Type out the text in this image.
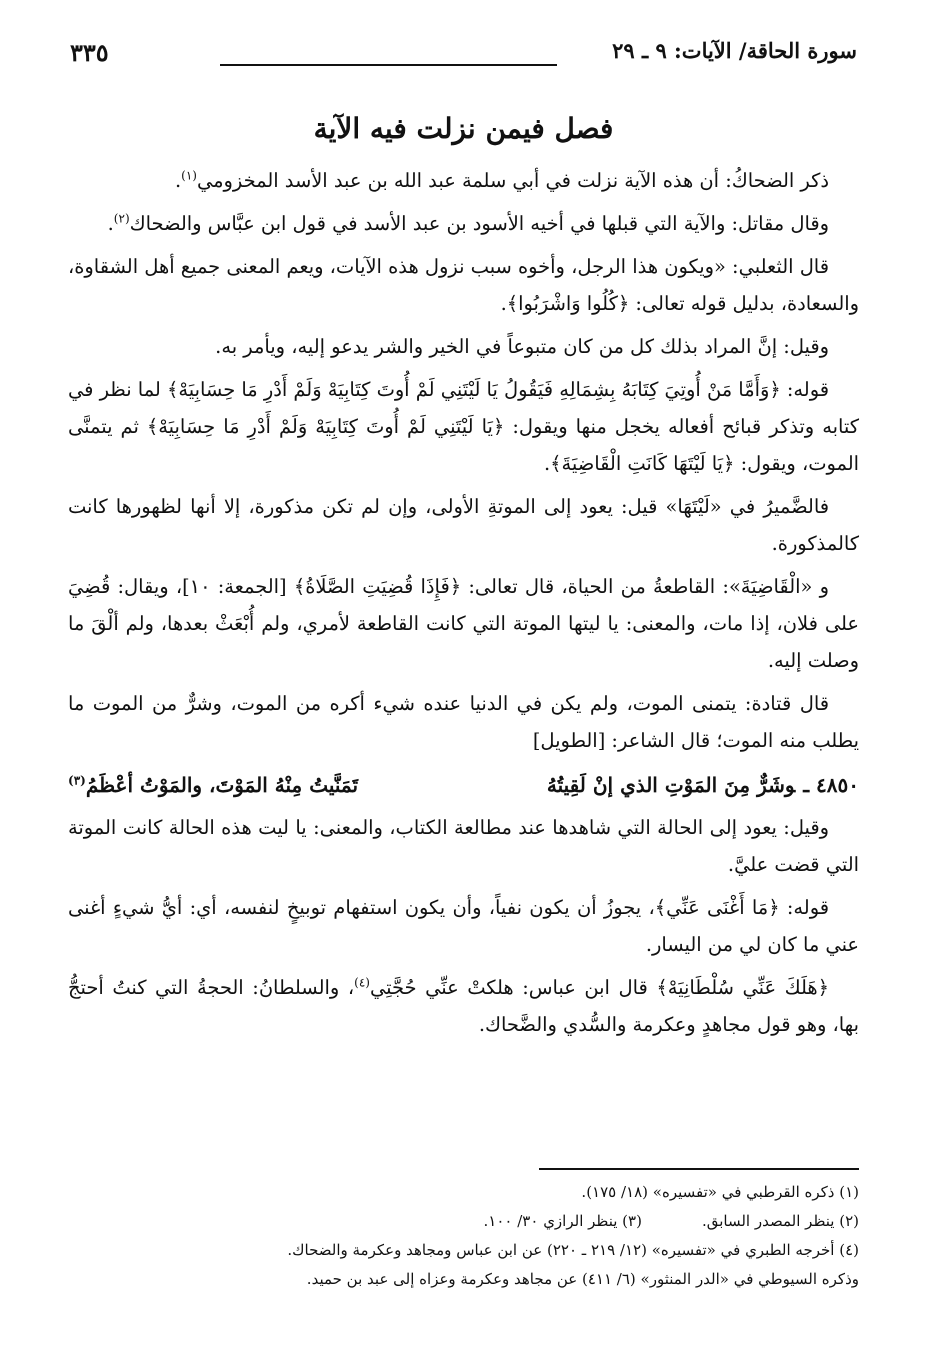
سورة الحاقة/ الآيات: ٩ ـ ٢٩
٣٣٥
فصل فيمن نزلت فيه الآية

ذكر الضحاكُ: أن هذه الآية نزلت في أبي سلمة عبد الله بن عبد الأسد المخزومي$^{(١)}$.

وقال مقاتل: والآية التي قبلها في أخيه الأسود بن عبد الأسد في قول ابن عبَّاس والضحاك$^{(٢)}$.

قال الثعلبي: «ويكون هذا الرجل، وأخوه سبب نزول هذه الآيات، ويعم المعنى جميع أهل الشقاوة، والسعادة، بدليل قوله تعالى: ﴿كُلُوا وَاشْرَبُوا﴾.

وقيل: إنَّ المراد بذلك كل من كان متبوعاً في الخير والشر يدعو إليه، ويأمر به.

قوله: ﴿وَأَمَّا مَنْ أُوتِيَ كِتَابَهُ بِشِمَالِهِ فَيَقُولُ يَا لَيْتَنِي لَمْ أُوتَ كِتَابِيَهْ وَلَمْ أَدْرِ مَا حِسَابِيَهْ﴾ لما نظر في كتابه وتذكر قبائح أفعاله يخجل منها ويقول: ﴿يَا لَيْتَنِي لَمْ أُوتَ كِتَابِيَهْ وَلَمْ أَدْرِ مَا حِسَابِيَهْ﴾ ثم يتمنَّى الموت، ويقول: ﴿يَا لَيْتَهَا كَانَتِ الْقَاضِيَةَ﴾.

فالضَّميرُ في «لَيْتَهَا» قيل: يعود إلى الموتةِ الأولى، وإن لم تكن مذكورة، إلا أنها لظهورها كانت كالمذكورة.

و «الْقَاضِيَةَ»: القاطعةُ من الحياة، قال تعالى: ﴿فَإِذَا قُضِيَتِ الصَّلَاةُ﴾ [الجمعة: ١٠]، ويقال: قُضِيَ على فلان، إذا مات، والمعنى: يا ليتها الموتة التي كانت القاطعة لأمري، ولم أُبْعَثْ بعدها، ولم ألْقَ ما وصلت إليه.

قال قتادة: يتمنى الموت، ولم يكن في الدنيا عنده شيء أكره من الموت، وشرٌّ من الموت ما يطلب منه الموت؛ قال الشاعر: [الطويل]

٤٨٥٠ ـوشَرٌّ مِنَ المَوْتِ الذي إنْ لَقِيتُهُ
تَمَنَّيتُ مِنْهُ المَوْتَ، والمَوْتُ أعْظَمُ$^{(٣)}$

وقيل: يعود إلى الحالة التي شاهدها عند مطالعة الكتاب، والمعنى: يا ليت هذه الحالة كانت الموتة التي قضت عليَّ.

قوله: ﴿مَا أَغْنَى عَنِّي﴾، يجوزُ أن يكون نفياً، وأن يكون استفهام توبيخٍ لنفسه، أي: أيُّ شيءٍ أغنى عني ما كان لي من اليسار.

﴿هَلَكَ عَنِّي سُلْطَانِيَهْ﴾ قال ابن عباس: هلكتْ عنِّي حُجَّتِي$^{(٤)}$، والسلطانُ: الحجةُ التي كنتُ أحتجُّ بها، وهو قول مجاهدٍ وعكرمة والسُّدي والضَّحاك.

(١) ذكره القرطبي في «تفسيره» (١٨/ ١٧٥).

(٢) ينظر المصدر السابق.

(٣) ينظر الرازي ٣٠/ ١٠٠.

(٤) أخرجه الطبري في «تفسيره» (١٢/ ٢١٩ ـ ٢٢٠) عن ابن عباس ومجاهد وعكرمة والضحاك.

وذكره السيوطي في «الدر المنثور» (٦/ ٤١١) عن مجاهد وعكرمة وعزاه إلى عبد بن حميد.
